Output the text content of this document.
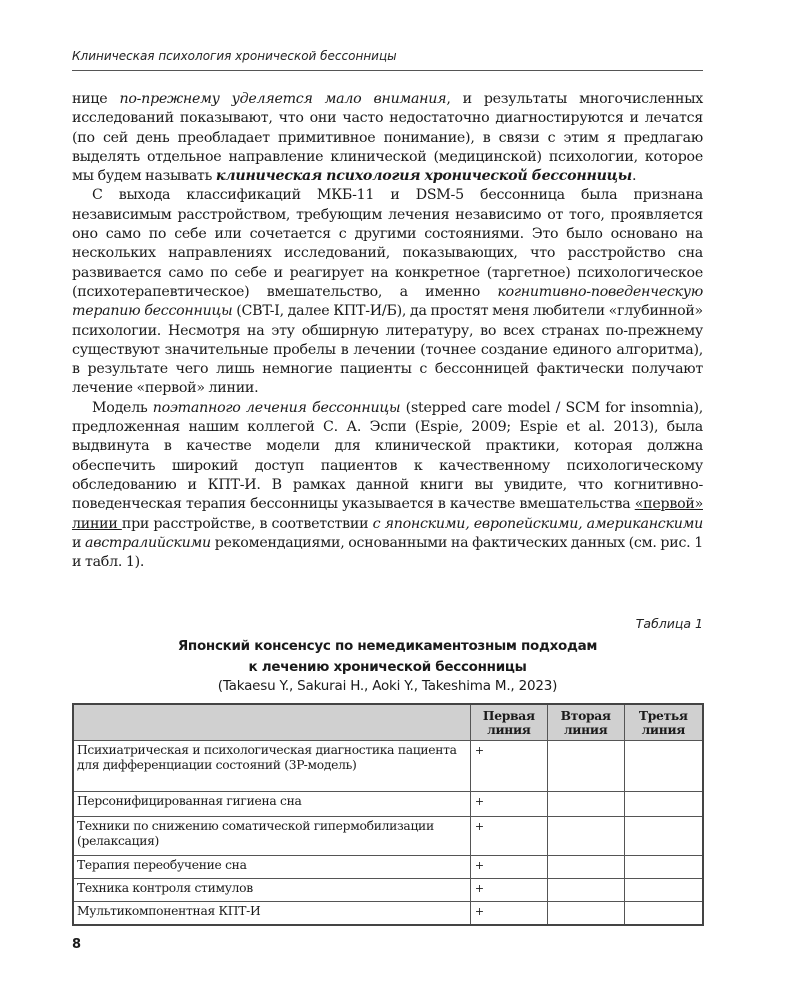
Клиническая психология хронической бессонницы

нице по-прежнему уделяется мало внимания, и результаты многочисленных исследований показывают, что они часто недостаточно диагностируются и лечатся (по сей день преобладает примитивное понимание), в связи с этим я предлагаю выделять отдельное направление клинической (медицинской) психологии, которое мы будем называть клиническая психология хронической бессонницы.

С выхода классификаций МКБ-11 и DSM-5 бессонница была признана независимым расстройством, требующим лечения независимо от того, проявляется оно само по себе или сочетается с другими состояниями. Это было основано на нескольких направлениях исследований, показывающих, что расстройство сна развивается само по себе и реагирует на конкретное (таргетное) психологическое (психотерапевтическое) вмешательство, а именно когнитивно-поведенческую терапию бессонницы (CBT-I, далее КПТ-И/Б), да простят меня любители «глубинной» психологии. Несмотря на эту обширную литературу, во всех странах по-прежнему существуют значительные пробелы в лечении (точнее создание единого алгоритма), в результате чего лишь немногие пациенты с бессонницей фактически получают лечение «первой» линии.

Модель поэтапного лечения бессонницы (stepped care model / SCM for insomnia), предложенная нашим коллегой С. А. Эспи (Espie, 2009; Espie et al. 2013), была выдвинута в качестве модели для клинической практики, которая должна обеспечить широкий доступ пациентов к качественному психологическому обследованию и КПТ-И. В рамках данной книги вы увидите, что когнитивно-поведенческая терапия бессонницы указывается в качестве вмешательства «первой» линии при расстройстве, в соответствии с японскими, европейскими, американскими и австралийскими рекомендациями, основанными на фактических данных (см. рис. 1 и табл. 1).

Таблица 1
Японский консенсус по немедикаментозным подходам
к лечению хронической бессонницы
(Takaesu Y., Sakurai H., Aoki Y., Takeshima M., 2023)
	Первая линия	Вторая линия	Третья линия
Психиатрическая и психологическая диагностика пациента для дифференциации состояний (3P-модель)	+		
Персонифицированная гигиена сна	+		
Техники по снижению соматической гипермобилизации (релаксация)	+		
Терапия переобучение сна	+		
Техника контроля стимулов	+		
Мультикомпонентная КПТ-И	+		
8
